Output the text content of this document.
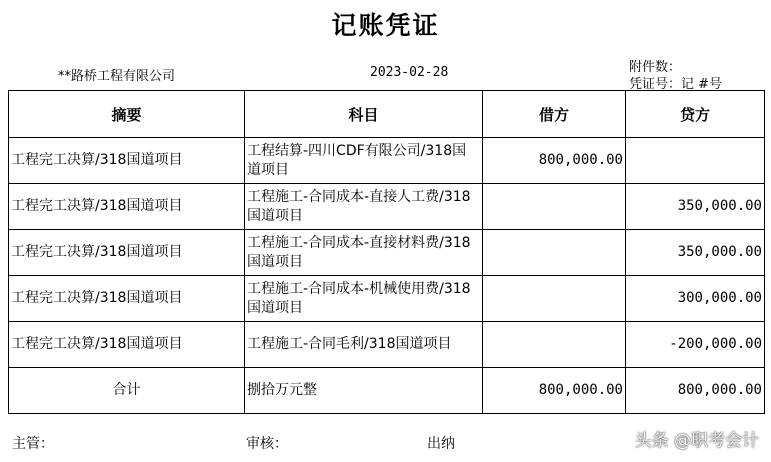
记账凭证
**路桥工程有限公司	2023-02-28	附件数：
凭证号：记 #号
摘要	科目	借方	贷方
工程完工决算/318国道项目	工程结算-四川CDF有限公司/318国道项目	800,000.00	
工程完工决算/318国道项目	工程施工-合同成本-直接人工费/318国道项目		350,000.00
工程完工决算/318国道项目	工程施工-合同成本-直接材料费/318国道项目		350,000.00
工程完工决算/318国道项目	工程施工-合同成本-机械使用费/318国道项目		300,000.00
工程完工决算/318国道项目	工程施工-合同毛利/318国道项目		-200,000.00
合计	捌拾万元整	800,000.00	800,000.00
主管：	审核：	出纳	头条 @职考会计
